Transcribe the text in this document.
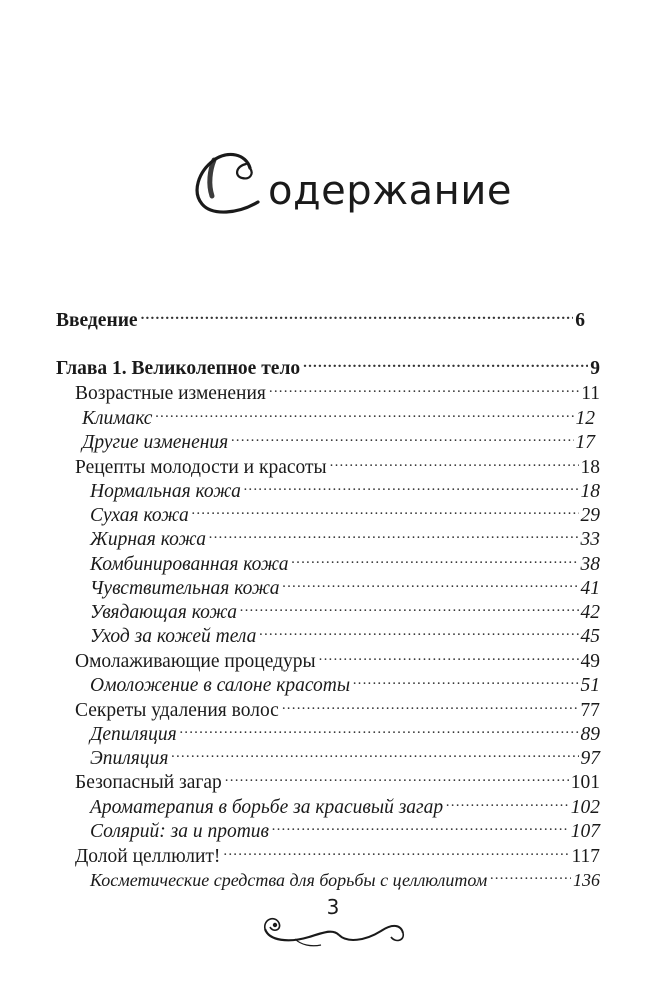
одержание
Введение .....	6
Глава 1. Великолепное тело .....	9
Возрастные изменения .....	11
Климакс .....	12
Другие изменения .....	17
Рецепты молодости и красоты .....	18
Нормальная кожа .....	18
Сухая кожа .....	29
Жирная кожа .....	33
Комбинированная кожа .....	38
Чувствительная кожа .....	41
Увядающая кожа .....	42
Уход за кожей тела .....	45
Омолаживающие процедуры .....	49
Омоложение в салоне красоты .....	51
Секреты удаления волос .....	77
Депиляция .....	89
Эпиляция .....	97
Безопасный загар .....	101
Ароматерапия в борьбе за красивый загар .....	102
Солярий: за и против .....	107
Долой целлюлит! .....	117
Косметические средства для борьбы с целлюлитом .....	136
3
